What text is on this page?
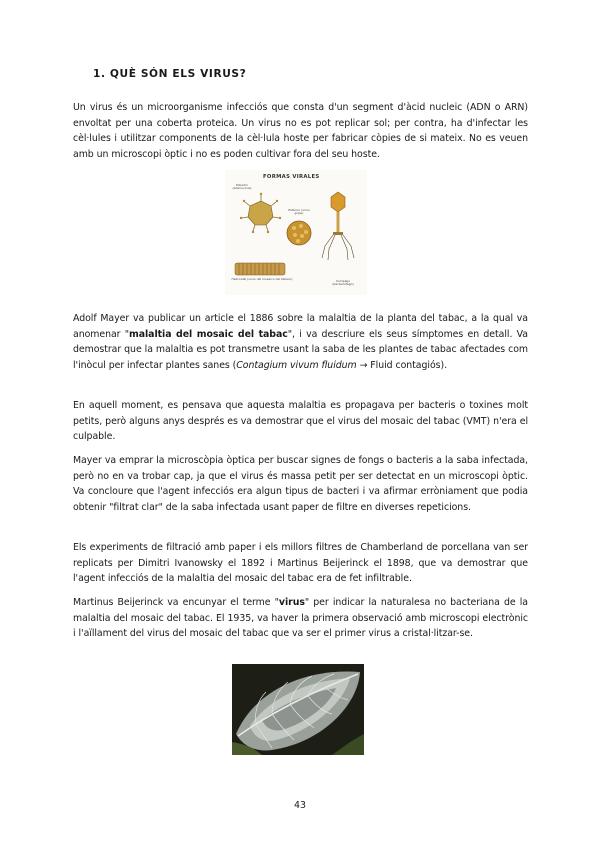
1. QUÈ SÓN ELS VIRUS?

Un virus és un microorganisme infecciós que consta d'un segment d'àcid nucleic (ADN o ARN) envoltat per una coberta proteica. Un virus no es pot replicar sol; per contra, ha d'infectar les cèl·lules i utilitzar components de la cèl·lula hoste per fabricar còpies de si mateix. No es veuen amb un microscopi òptic i no es poden cultivar fora del seu hoste.

FORMAS VIRALES
Poliedro (adenovirus)
Esférico (virus gripe)
Helicoidal (virus del mosaico del tabaco)	Complejo (bacteriófago)

Adolf Mayer va publicar un article el 1886 sobre la malaltia de la planta del tabac, a la qual va anomenar "malaltia del mosaic del tabac", i va descriure els seus símptomes en detall. Va demostrar que la malaltia es pot transmetre usant la saba de les plantes de tabac afectades com l'inòcul per infectar plantes sanes (Contagium vivum fluidum → Fluid contagiós).

En aquell moment, es pensava que aquesta malaltia es propagava per bacteris o toxines molt petits, però alguns anys després es va demostrar que el virus del mosaic del tabac (VMT) n'era el culpable.

Mayer va emprar la microscòpia òptica per buscar signes de fongs o bacteris a la saba infectada, però no en va trobar cap, ja que el virus és massa petit per ser detectat en un microscopi òptic. Va concloure que l'agent infecciós era algun tipus de bacteri i va afirmar erròniament que podia obtenir "filtrat clar" de la saba infectada usant paper de filtre en diverses repeticions.

Els experiments de filtració amb paper i els millors filtres de Chamberland de porcellana van ser replicats per Dimitri Ivanowsky el 1892 i Martinus Beijerinck el 1898, que va demostrar que l'agent infecciós de la malaltia del mosaic del tabac era de fet infiltrable.

Martinus Beijerinck va encunyar el terme "virus" per indicar la naturalesa no bacteriana de la malaltia del mosaic del tabac. El 1935, va haver la primera observació amb microscopi electrònic i l'aïllament del virus del mosaic del tabac que va ser el primer virus a cristal·litzar-se.

43
